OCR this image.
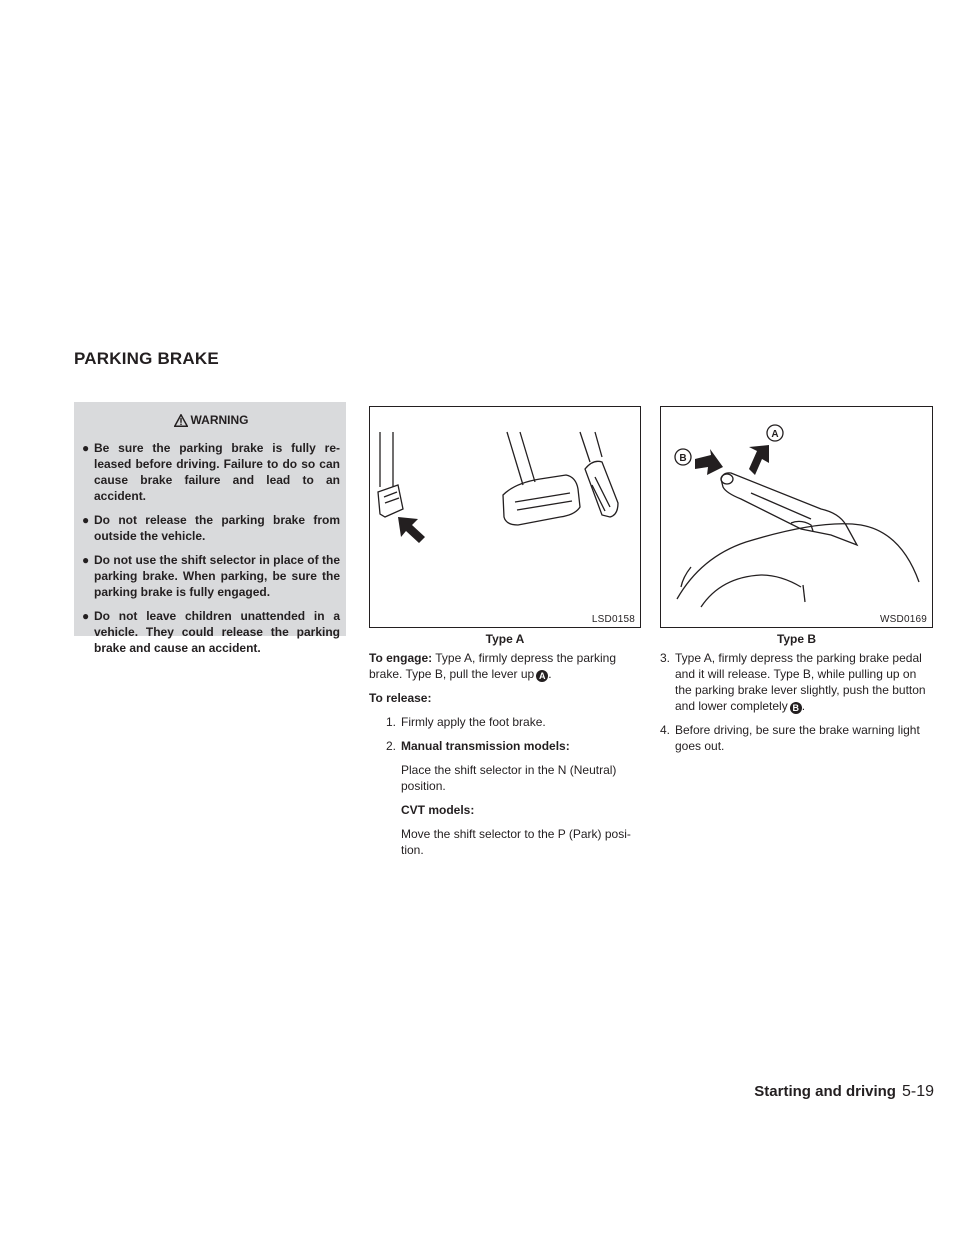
PARKING BRAKE
WARNING
● Be sure the parking brake is fully re- leased before driving. Failure to do so can cause brake failure and lead to an accident.
● Do not release the parking brake from outside the vehicle.
● Do not use the shift selector in place of the parking brake. When parking, be sure the parking brake is fully engaged.
● Do not leave children unattended in a vehicle. They could release the parking brake and cause an accident.
LSD0158
Type A
A
B
WSD0169
Type B

To engage: Type A, firmly depress the parking brake. Type B, pull the lever up A .

To release:

1. Firmly apply the foot brake.
2. Manual transmission models:

Place the shift selector in the N (Neutral) position.

CVT models:

Move the shift selector to the P (Park) posi- tion.

3. Type A, firmly depress the parking brake pedal and it will release. Type B, while pulling up on the parking brake lever slightly, push the button and lower completely B .
4. Before driving, be sure the brake warning light goes out.
Starting and driving 5-19
